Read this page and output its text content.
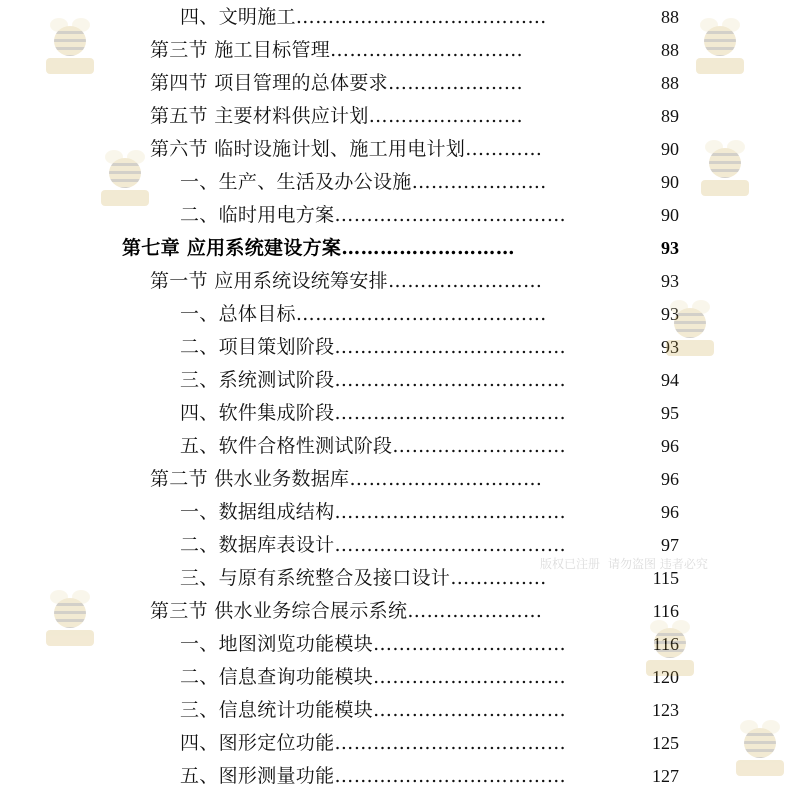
四、文明施工…………………………………	88
第三节 施工目标管理…………………………	88
第四节 项目管理的总体要求…………………	88
第五节 主要材料供应计划……………………	89
第六节 临时设施计划、施工用电计划…………	90
一、生产、生活及办公设施…………………	90
二、临时用电方案………………………………	90
第七章 应用系统建设方案………………………	93
第一节 应用系统设统筹安排……………………	93
一、总体目标…………………………………	93
二、项目策划阶段………………………………	93
三、系统测试阶段………………………………	94
四、软件集成阶段………………………………	95
五、软件合格性测试阶段………………………	96
第二节 供水业务数据库…………………………	96
一、数据组成结构………………………………	96
二、数据库表设计………………………………	97
三、与原有系统整合及接口设计……………	115
第三节 供水业务综合展示系统…………………	116
一、地图浏览功能模块…………………………	116
二、信息查询功能模块…………………………	120
三、信息统计功能模块…………………………	123
四、图形定位功能………………………………	125
五、图形测量功能………………………………	127
版权已注册 请勿盗图 违者必究
